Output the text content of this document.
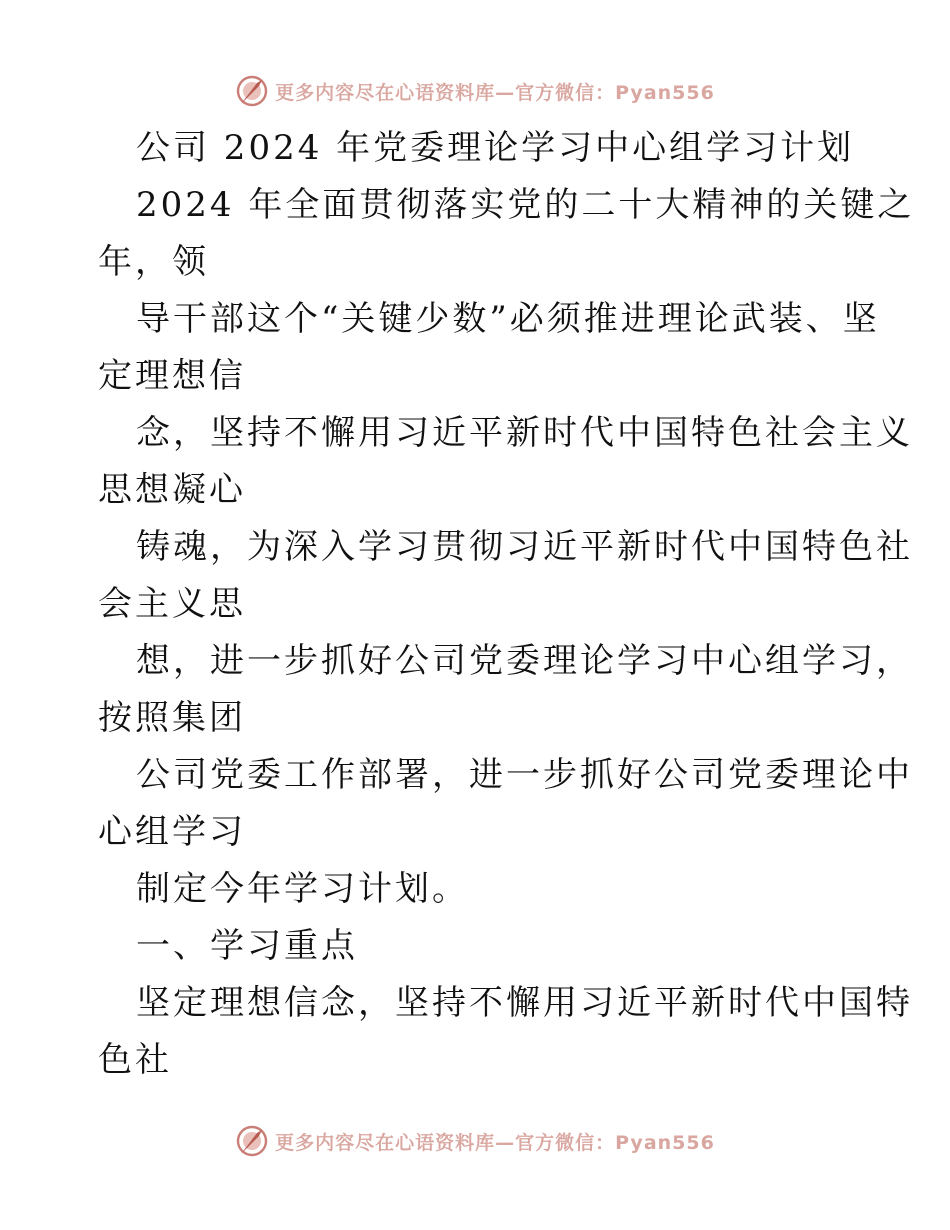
更多内容尽在心语资料库—官方微信：Pyan556

公司 2024 年党委理论学习中心组学习计划

2024 年全面贯彻落实党的二十大精神的关键之

年，领

导干部这个“关键少数”必须推进理论武装、坚

定理想信

念，坚持不懈用习近平新时代中国特色社会主义

思想凝心

铸魂，为深入学习贯彻习近平新时代中国特色社

会主义思

想，进一步抓好公司党委理论学习中心组学习，

按照集团

公司党委工作部署，进一步抓好公司党委理论中

心组学习

制定今年学习计划。

一、学习重点

坚定理想信念，坚持不懈用习近平新时代中国特

色社

更多内容尽在心语资料库—官方微信：Pyan556
